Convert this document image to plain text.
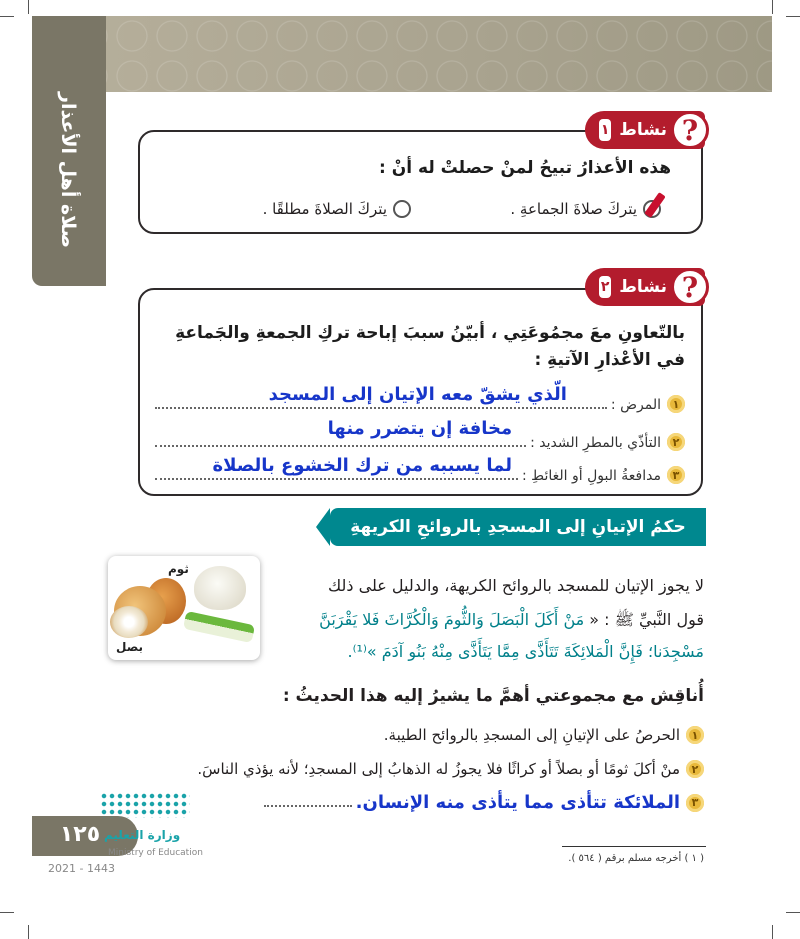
صلاة أهل الأعذار	هذه الأعذارُ تبيحُ لمنْ حصلتْ له أنْ :
يتركَ صلاةَ الجماعةِ .
يتركَ الصلاةَ مطلقًا .
نشاط
١	?
بالتّعاونِ معَ مجمُوعَتِي ، أبيّنُ سببَ إباحة تركِ الجمعةِ والجَماعةِ في الأعْذارِ الآتيةِ :
١
المرض :
الّذي يشقّ معه الإتيان إلى المسجد
٢
التأذّي بالمطرِ الشديد :
مخافة إن يتضرر منها
٣
مدافعةُ البولِ أو الغائطِ :
لما يسببه من ترك الخشوع بالصلاة
نشاط
٢	?
حكمُ الإتيانِ إلى المسجدِ بالروائحِ الكريهةِ
ثوم
بصل
لا يجوز الإتيان للمسجد بالروائح الكريهة، والدليل على ذلك
قول النَّبيِّ ﷺ : « مَنْ أَكَلَ الْبَصَلَ وَالثُّومَ وَالْكُرَّاثَ فَلا يَقْرَبَنَّ
مَسْجِدَنا؛ فَإِنَّ الْمَلائِكَةَ تَتَأَذَّى مِمَّا يَتَأَذَّى مِنْهُ بَنُو آدَمَ »⁽¹⁾.
أُناقِش مع مجموعتي أهمَّ ما يشيرُ إليه هذا الحديثُ :
١
الحرصُ على الإتيانِ إلى المسجدِ بالروائح الطيبة.
٢
منْ أكلَ ثومًا أو بصلاً أو كراثًا فلا يجوزُ له الذهابُ إلى المسجدِ؛ لأنه يؤذي الناسَ.
٣
الملائكة تتأذى مما يتأذى منه الإنسان.
( ١ ) أخرجه مسلم برقم ( ٥٦٤ ).
١٢٥ وزارة التعليم
Ministry of Education
2021 - 1443
